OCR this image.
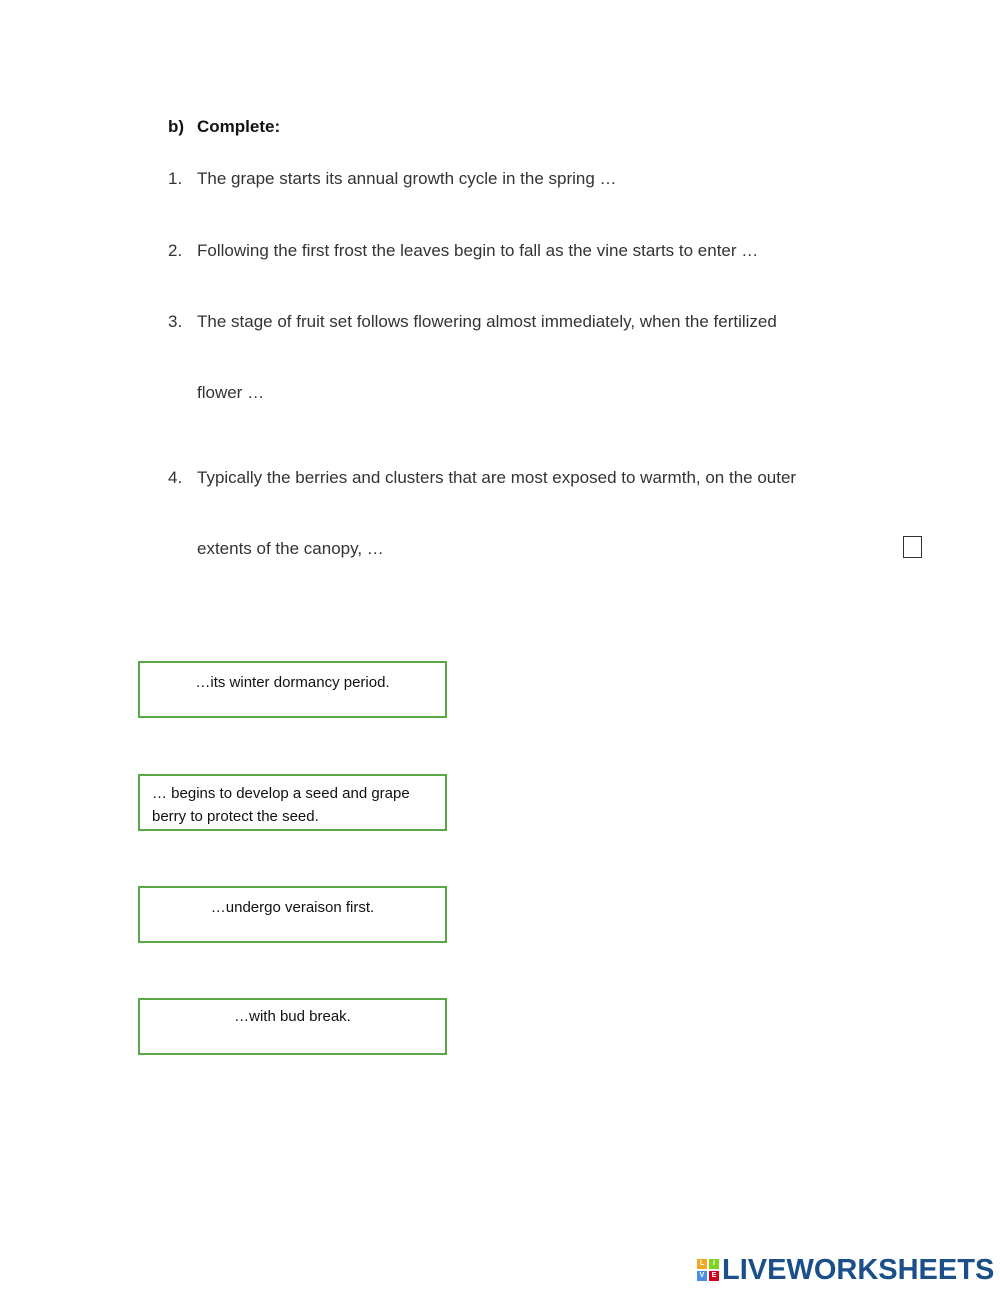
b) Complete:
1. The grape starts its annual growth cycle in the spring …
2. Following the first frost the leaves begin to fall as the vine starts to enter …
3. The stage of fruit set follows flowering almost immediately, when the fertilized
flower …
4. Typically the berries and clusters that are most exposed to warmth, on the outer
extents of the canopy, …
…its winter dormancy period.
… begins to develop a seed and grape berry to protect the seed.
…undergo veraison first.
…with bud break.
L	I
V	E LIVEWORKSHEETS
